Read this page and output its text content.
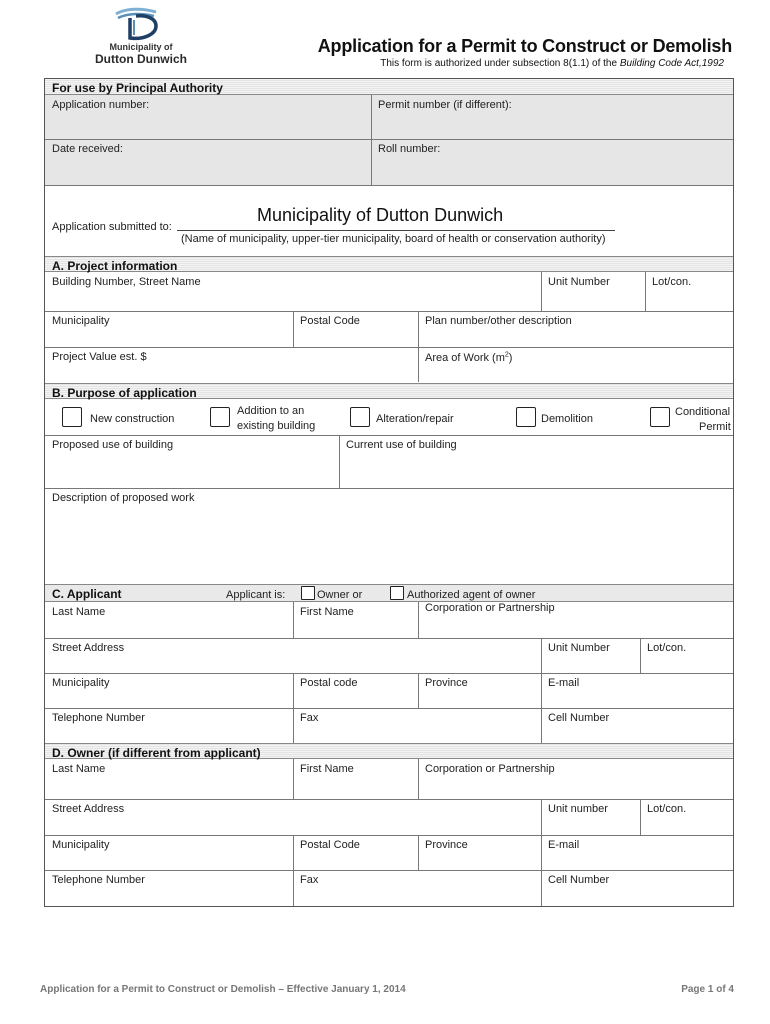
Municipality of
Dutton Dunwich
Application for a Permit to Construct or Demolish
This form is authorized under subsection 8(1.1) of the Building Code Act,1992
For use by Principal Authority
Application number:	Permit number (if different):
Date received:	Roll number:
Application submitted to:
Municipality of Dutton Dunwich
(Name of municipality, upper-tier municipality, board of health or conservation authority)
A. Project information
Building Number, Street Name	Unit Number	Lot/con.
Municipality	Postal Code	Plan number/other description
Project Value est. $	Area of Work $(m^2)$
B. Purpose of application
New construction
Addition to an
existing building
Alteration/repair	Demolition
Conditional
Permit
Proposed use of building	Current use of building
Description of proposed work
C. Applicant	Applicant is:	Owner or	Authorized agent of owner
Last Name	First Name	Corporation or Partnership
Street Address	Unit Number	Lot/con.
Municipality	Postal code	Province	E-mail
Telephone Number	Fax	Cell Number
D. Owner (if different from applicant)
Last Name	First Name	Corporation or Partnership
Street Address	Unit number	Lot/con.
Municipality	Postal Code	Province	E-mail
Telephone Number	Fax	Cell Number
Application for a Permit to Construct or Demolish – Effective January 1, 2014	Page 1 of 4
